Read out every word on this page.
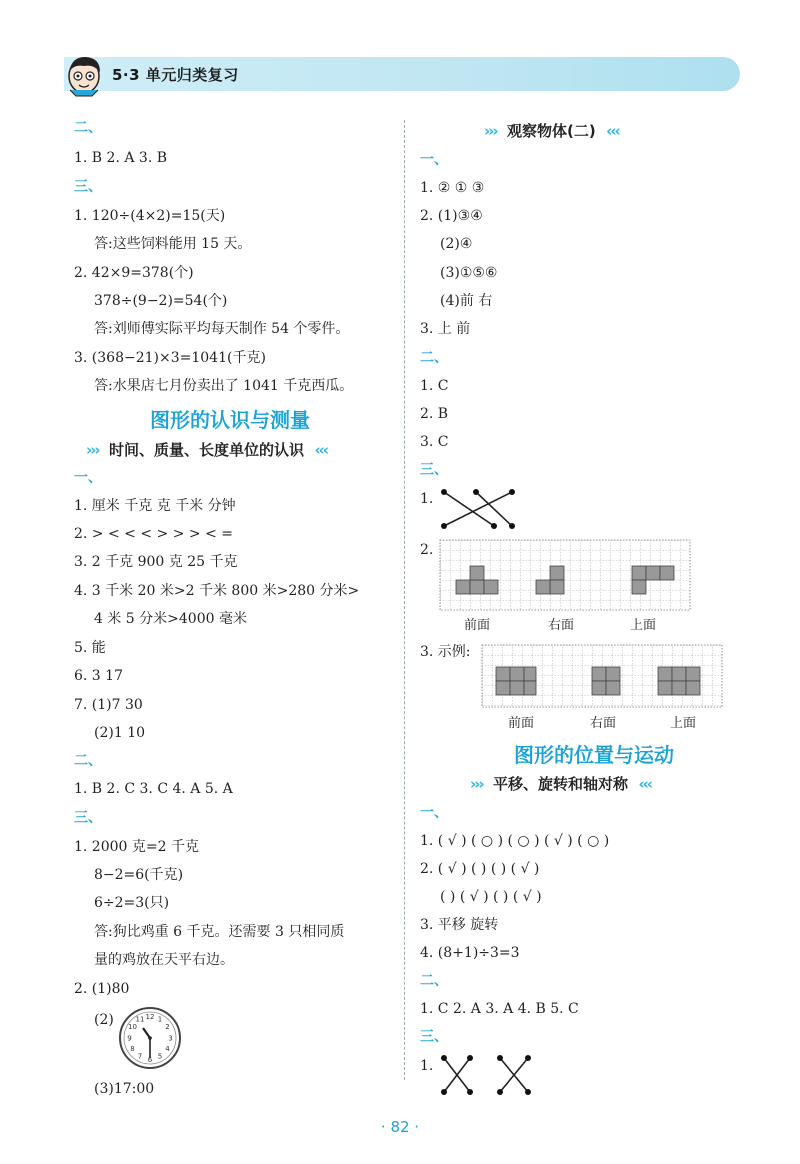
5·3 单元归类复习
二、
1. B 2. A 3. B
三、
1. 120÷(4×2)=15(天)
答:这些饲料能用 15 天。
2. 42×9=378(个)
378÷(9−2)=54(个)
答:刘师傅实际平均每天制作 54 个零件。
3. (368−21)×3=1041(千克)
答:水果店七月份卖出了 1041 千克西瓜。
图形的认识与测量
››› 时间、质量、长度单位的认识 ‹‹‹
一、
1. 厘米 千克 克 千米 分钟
2. > < < < > > > < =
3. 2 千克 900 克 25 千克
4. 3 千米 20 米>2 千米 800 米>280 分米>
4 米 5 分米>4000 毫米
5. 能
6. 3 17
7. (1)7 30
(2)1 10
二、
1. B 2. C 3. C 4. A 5. A
三、
1. 2000 克=2 千克
8−2=6(千克)
6÷2=3(只)
答:狗比鸡重 6 千克。还需要 3 只相同质
量的鸡放在天平右边。
2. (1)80
(2)	12 1
2
3
4
5
6
7
8
9
10
11
(3)17:00
››› 观察物体(二) ‹‹‹
一、
1. ② ① ③
2. (1)③④
(2)④
(3)①⑤⑥
(4)前 右
3. 上 前
二、
1. C
2. B
3. C
三、
1.
2.
前面	右面	上面
3. 示例:
前面	右面	上面
图形的位置与运动
››› 平移、旋转和轴对称 ‹‹‹
一、
1. ( √ ) ( ○ ) ( ○ ) ( √ ) ( ○ )
2. ( √ ) ( ) ( ) ( √ )
( ) ( √ ) ( ) ( √ )
3. 平移 旋转
4. (8+1)÷3=3
二、
1. C 2. A 3. A 4. B 5. C
三、
1.
· 82 ·
